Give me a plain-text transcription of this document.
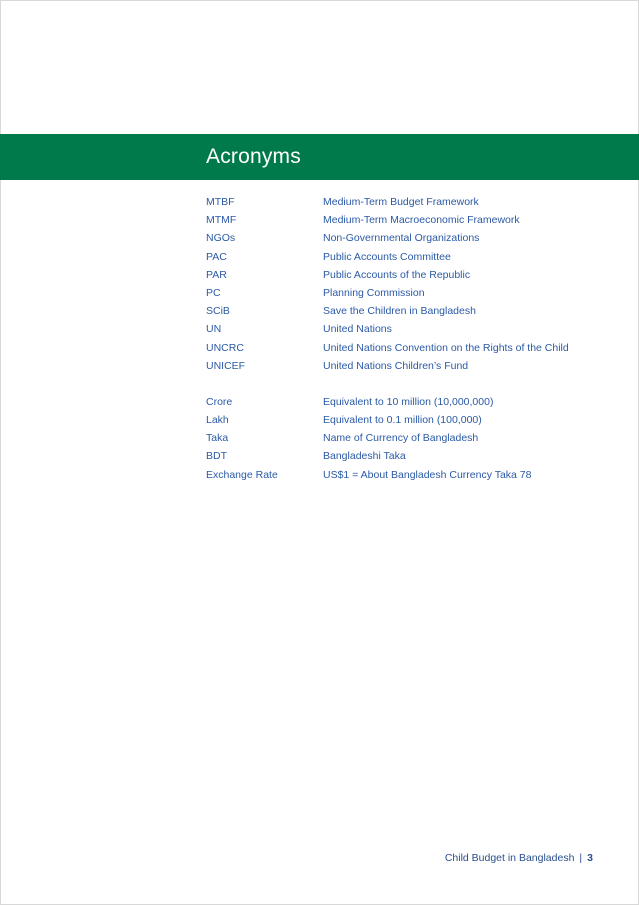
Acronyms
MTBF	Medium-Term Budget Framework
MTMF	Medium-Term Macroeconomic Framework
NGOs	Non-Governmental Organizations
PAC	Public Accounts Committee
PAR	Public Accounts of the Republic
PC	Planning Commission
SCiB	Save the Children in Bangladesh
UN	United Nations
UNCRC	United Nations Convention on the Rights of the Child
UNICEF	United Nations Children’s Fund
Crore	Equivalent to 10 million (10,000,000)
Lakh	Equivalent to 0.1 million (100,000)
Taka	Name of Currency of Bangladesh
BDT	Bangladeshi Taka
Exchange Rate	US$1 = About Bangladesh Currency Taka 78
Child Budget in Bangladesh | 3
